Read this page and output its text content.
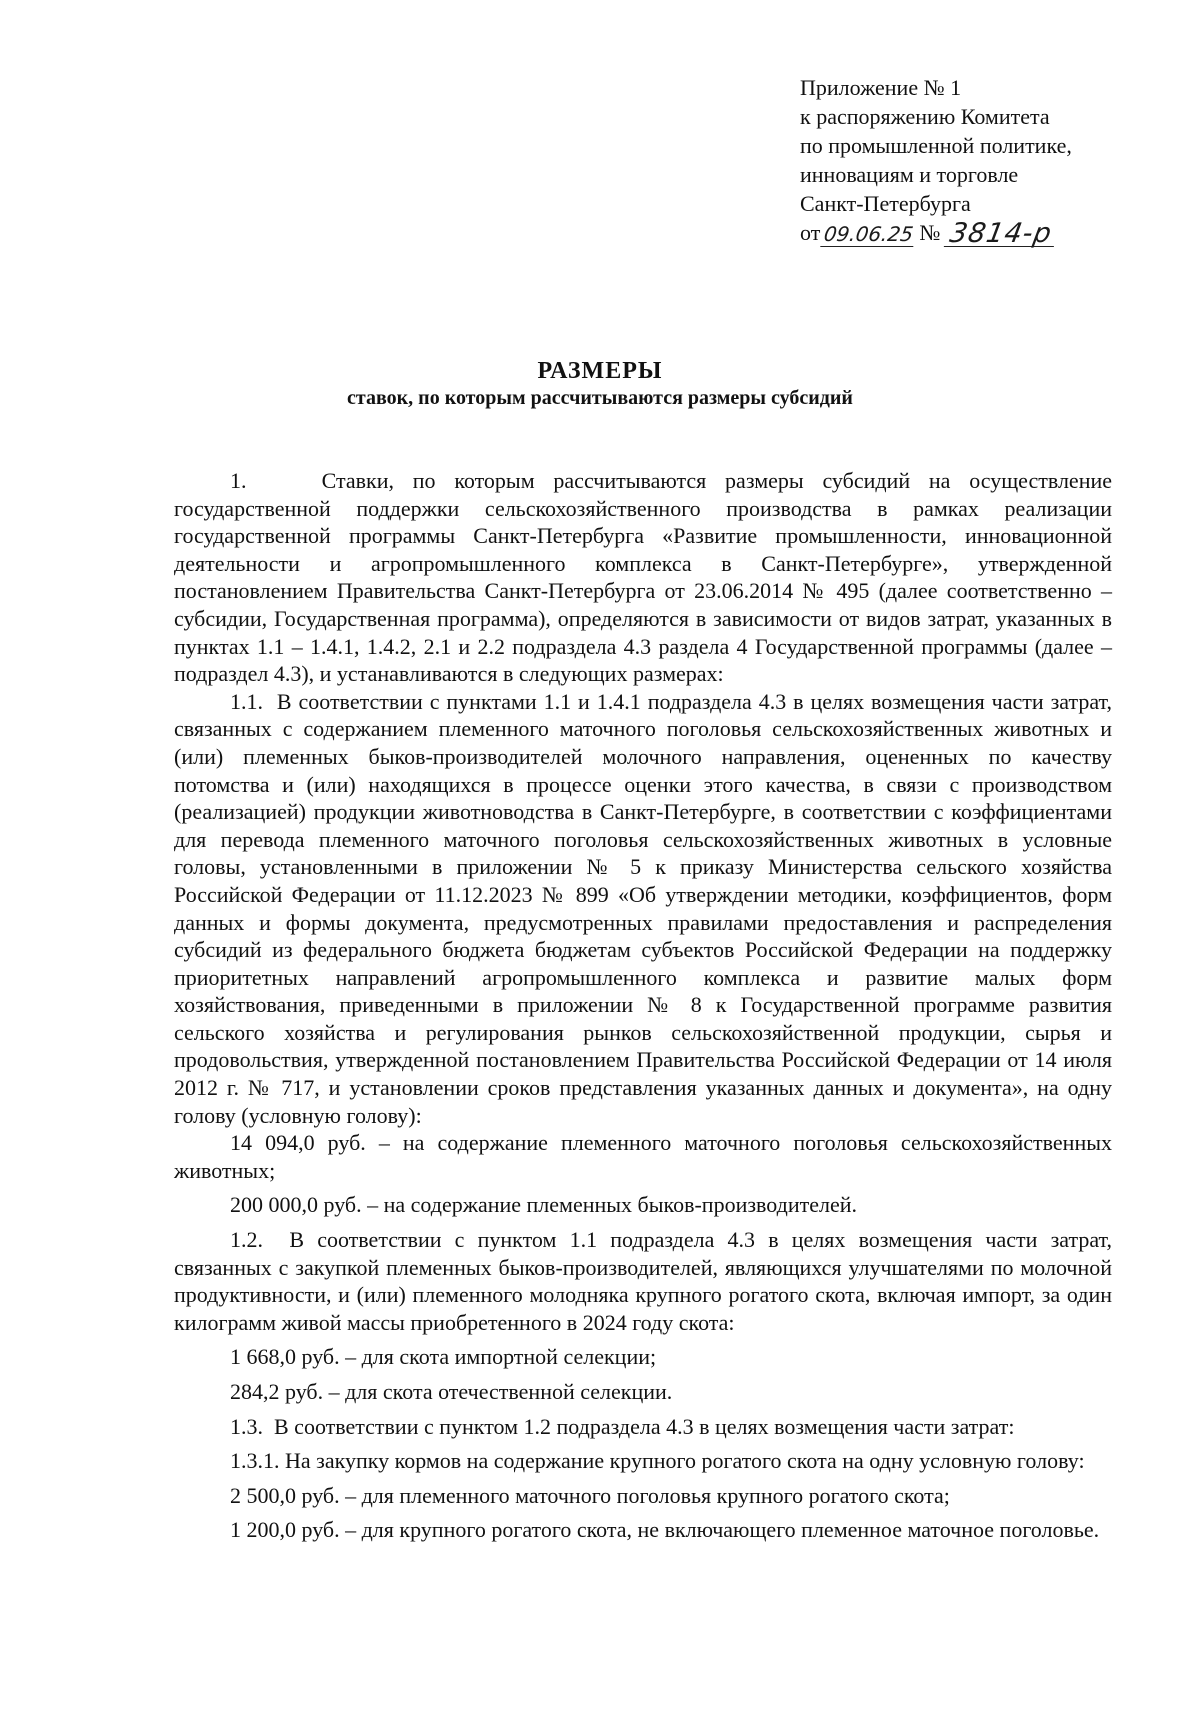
Приложение № 1
к распоряжению Комитета
по промышленной политике,
инновациям и торговле
Санкт-Петербурга
от 09.06.25 № 3814-р
РАЗМЕРЫ
ставок, по которым рассчитываются размеры субсидий

1.    Ставки, по которым рассчитываются размеры субсидий на осуществление государственной поддержки сельскохозяйственного производства в рамках реализации государственной программы Санкт-Петербурга «Развитие промышленности, инновационной деятельности и агропромышленного комплекса в Санкт-Петербурге», утвержденной постановлением Правительства Санкт-Петербурга от 23.06.2014 № 495 (далее соответственно – субсидии, Государственная программа), определяются в зависимости от видов затрат, указанных в пунктах 1.1 – 1.4.1, 1.4.2, 2.1 и 2.2 подраздела 4.3 раздела 4 Государственной программы (далее – подраздел 4.3), и устанавливаются в следующих размерах:

1.1.  В соответствии с пунктами 1.1 и 1.4.1 подраздела 4.3 в целях возмещения части затрат, связанных с содержанием племенного маточного поголовья сельскохозяйственных животных и (или) племенных быков-производителей молочного направления, оцененных по качеству потомства и (или) находящихся в процессе оценки этого качества, в связи с производством (реализацией) продукции животноводства в Санкт-Петербурге, в соответствии с коэффициентами для перевода племенного маточного поголовья сельскохозяйственных животных в условные головы, установленными в приложении № 5 к приказу Министерства сельского хозяйства Российской Федерации от 11.12.2023 № 899 «Об утверждении методики, коэффициентов, форм данных и формы документа, предусмотренных правилами предоставления и распределения субсидий из федерального бюджета бюджетам субъектов Российской Федерации на поддержку приоритетных направлений агропромышленного комплекса и развитие малых форм хозяйствования, приведенными в приложении № 8 к Государственной программе развития сельского хозяйства и регулирования рынков сельскохозяйственной продукции, сырья и продовольствия, утвержденной постановлением Правительства Российской Федерации от 14 июля 2012 г. № 717, и установлении сроков представления указанных данных и документа», на одну голову (условную голову):

14 094,0 руб. – на содержание племенного маточного поголовья сельскохозяйственных животных;

200 000,0 руб. – на содержание племенных быков-производителей.

1.2.  В соответствии с пунктом 1.1 подраздела 4.3 в целях возмещения части затрат, связанных с закупкой племенных быков-производителей, являющихся улучшателями по молочной продуктивности, и (или) племенного молодняка крупного рогатого скота, включая импорт, за один килограмм живой массы приобретенного в 2024 году скота:

1 668,0 руб. – для скота импортной селекции;

284,2 руб. – для скота отечественной селекции.

1.3.  В соответствии с пунктом 1.2 подраздела 4.3 в целях возмещения части затрат:

1.3.1. На закупку кормов на содержание крупного рогатого скота на одну условную голову:

2 500,0 руб. – для племенного маточного поголовья крупного рогатого скота;

1 200,0 руб. – для крупного рогатого скота, не включающего племенное маточное поголовье.
